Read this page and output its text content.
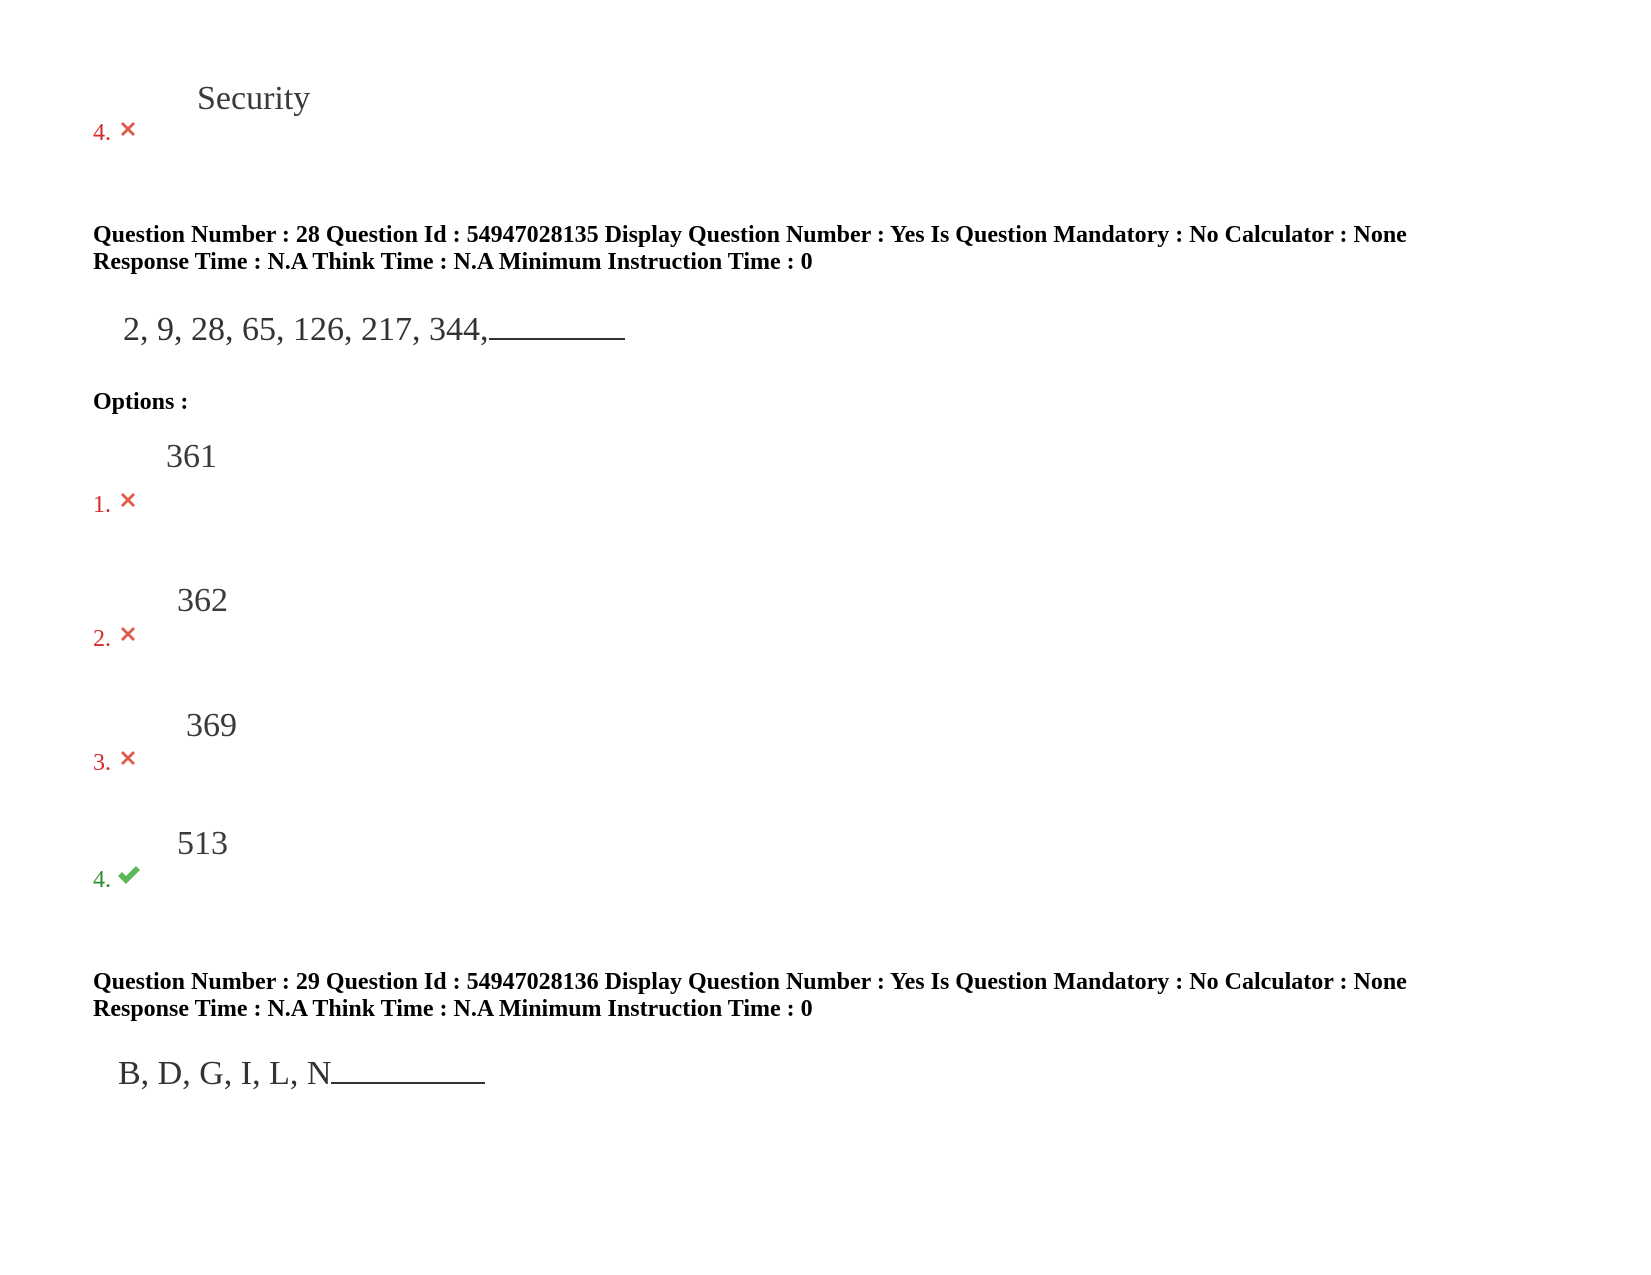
Security
4.
Question Number : 28 Question Id : 54947028135 Display Question Number : Yes Is Question Mandatory : No Calculator : None
Response Time : N.A Think Time : N.A Minimum Instruction Time : 0
2, 9, 28, 65, 126, 217, 344,
Options :
361
1.
362
2.
369
3.
513
4.
Question Number : 29 Question Id : 54947028136 Display Question Number : Yes Is Question Mandatory : No Calculator : None
Response Time : N.A Think Time : N.A Minimum Instruction Time : 0
B, D, G, I, L, N
